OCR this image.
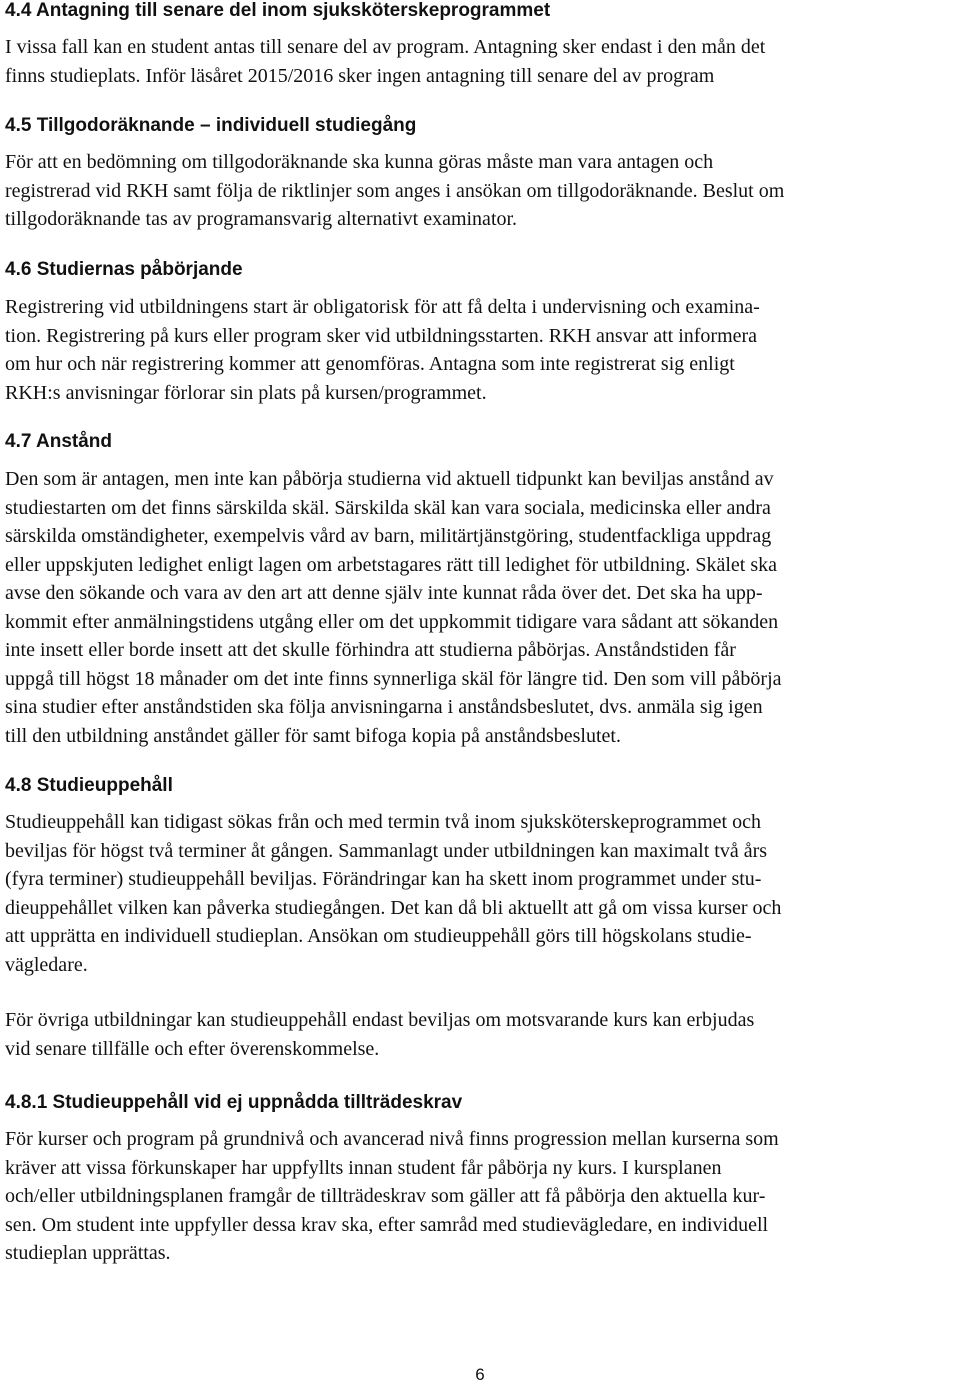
4.4 Antagning till senare del inom sjuksköterskeprogrammet
I vissa fall kan en student antas till senare del av program. Antagning sker endast i den mån det
finns studieplats. Inför läsåret 2015/2016 sker ingen antagning till senare del av program
4.5 Tillgodoräknande – individuell studiegång
För att en bedömning om tillgodoräknande ska kunna göras måste man vara antagen och
registrerad vid RKH samt följa de riktlinjer som anges i ansökan om tillgodoräknande. Beslut om
tillgodoräknande tas av programansvarig alternativt examinator.
4.6 Studiernas påbörjande
Registrering vid utbildningens start är obligatorisk för att få delta i undervisning och examina-
tion. Registrering på kurs eller program sker vid utbildningsstarten. RKH ansvar att informera
om hur och när registrering kommer att genomföras. Antagna som inte registrerat sig enligt
RKH:s anvisningar förlorar sin plats på kursen/programmet.
4.7 Anstånd
Den som är antagen, men inte kan påbörja studierna vid aktuell tidpunkt kan beviljas anstånd av
studiestarten om det finns särskilda skäl. Särskilda skäl kan vara sociala, medicinska eller andra
särskilda omständigheter, exempelvis vård av barn, militärtjänstgöring, studentfackliga uppdrag
eller uppskjuten ledighet enligt lagen om arbetstagares rätt till ledighet för utbildning. Skälet ska
avse den sökande och vara av den art att denne själv inte kunnat råda över det. Det ska ha upp-
kommit efter anmälningstidens utgång eller om det uppkommit tidigare vara sådant att sökanden
inte insett eller borde insett att det skulle förhindra att studierna påbörjas. Anståndstiden får
uppgå till högst 18 månader om det inte finns synnerliga skäl för längre tid. Den som vill påbörja
sina studier efter anståndstiden ska följa anvisningarna i anståndsbeslutet, dvs. anmäla sig igen
till den utbildning anståndet gäller för samt bifoga kopia på anståndsbeslutet.
4.8 Studieuppehåll
Studieuppehåll kan tidigast sökas från och med termin två inom sjuksköterskeprogrammet och
beviljas för högst två terminer åt gången. Sammanlagt under utbildningen kan maximalt två års
(fyra terminer) studieuppehåll beviljas. Förändringar kan ha skett inom programmet under stu-
dieuppehållet vilken kan påverka studiegången. Det kan då bli aktuellt att gå om vissa kurser och
att upprätta en individuell studieplan. Ansökan om studieuppehåll görs till högskolans studie-
vägledare.
För övriga utbildningar kan studieuppehåll endast beviljas om motsvarande kurs kan erbjudas
vid senare tillfälle och efter överenskommelse.
4.8.1 Studieuppehåll vid ej uppnådda tillträdeskrav
För kurser och program på grundnivå och avancerad nivå finns progression mellan kurserna som
kräver att vissa förkunskaper har uppfyllts innan student får påbörja ny kurs. I kursplanen
och/eller utbildningsplanen framgår de tillträdeskrav som gäller att få påbörja den aktuella kur-
sen. Om student inte uppfyller dessa krav ska, efter samråd med studievägledare, en individuell
studieplan upprättas.
6
